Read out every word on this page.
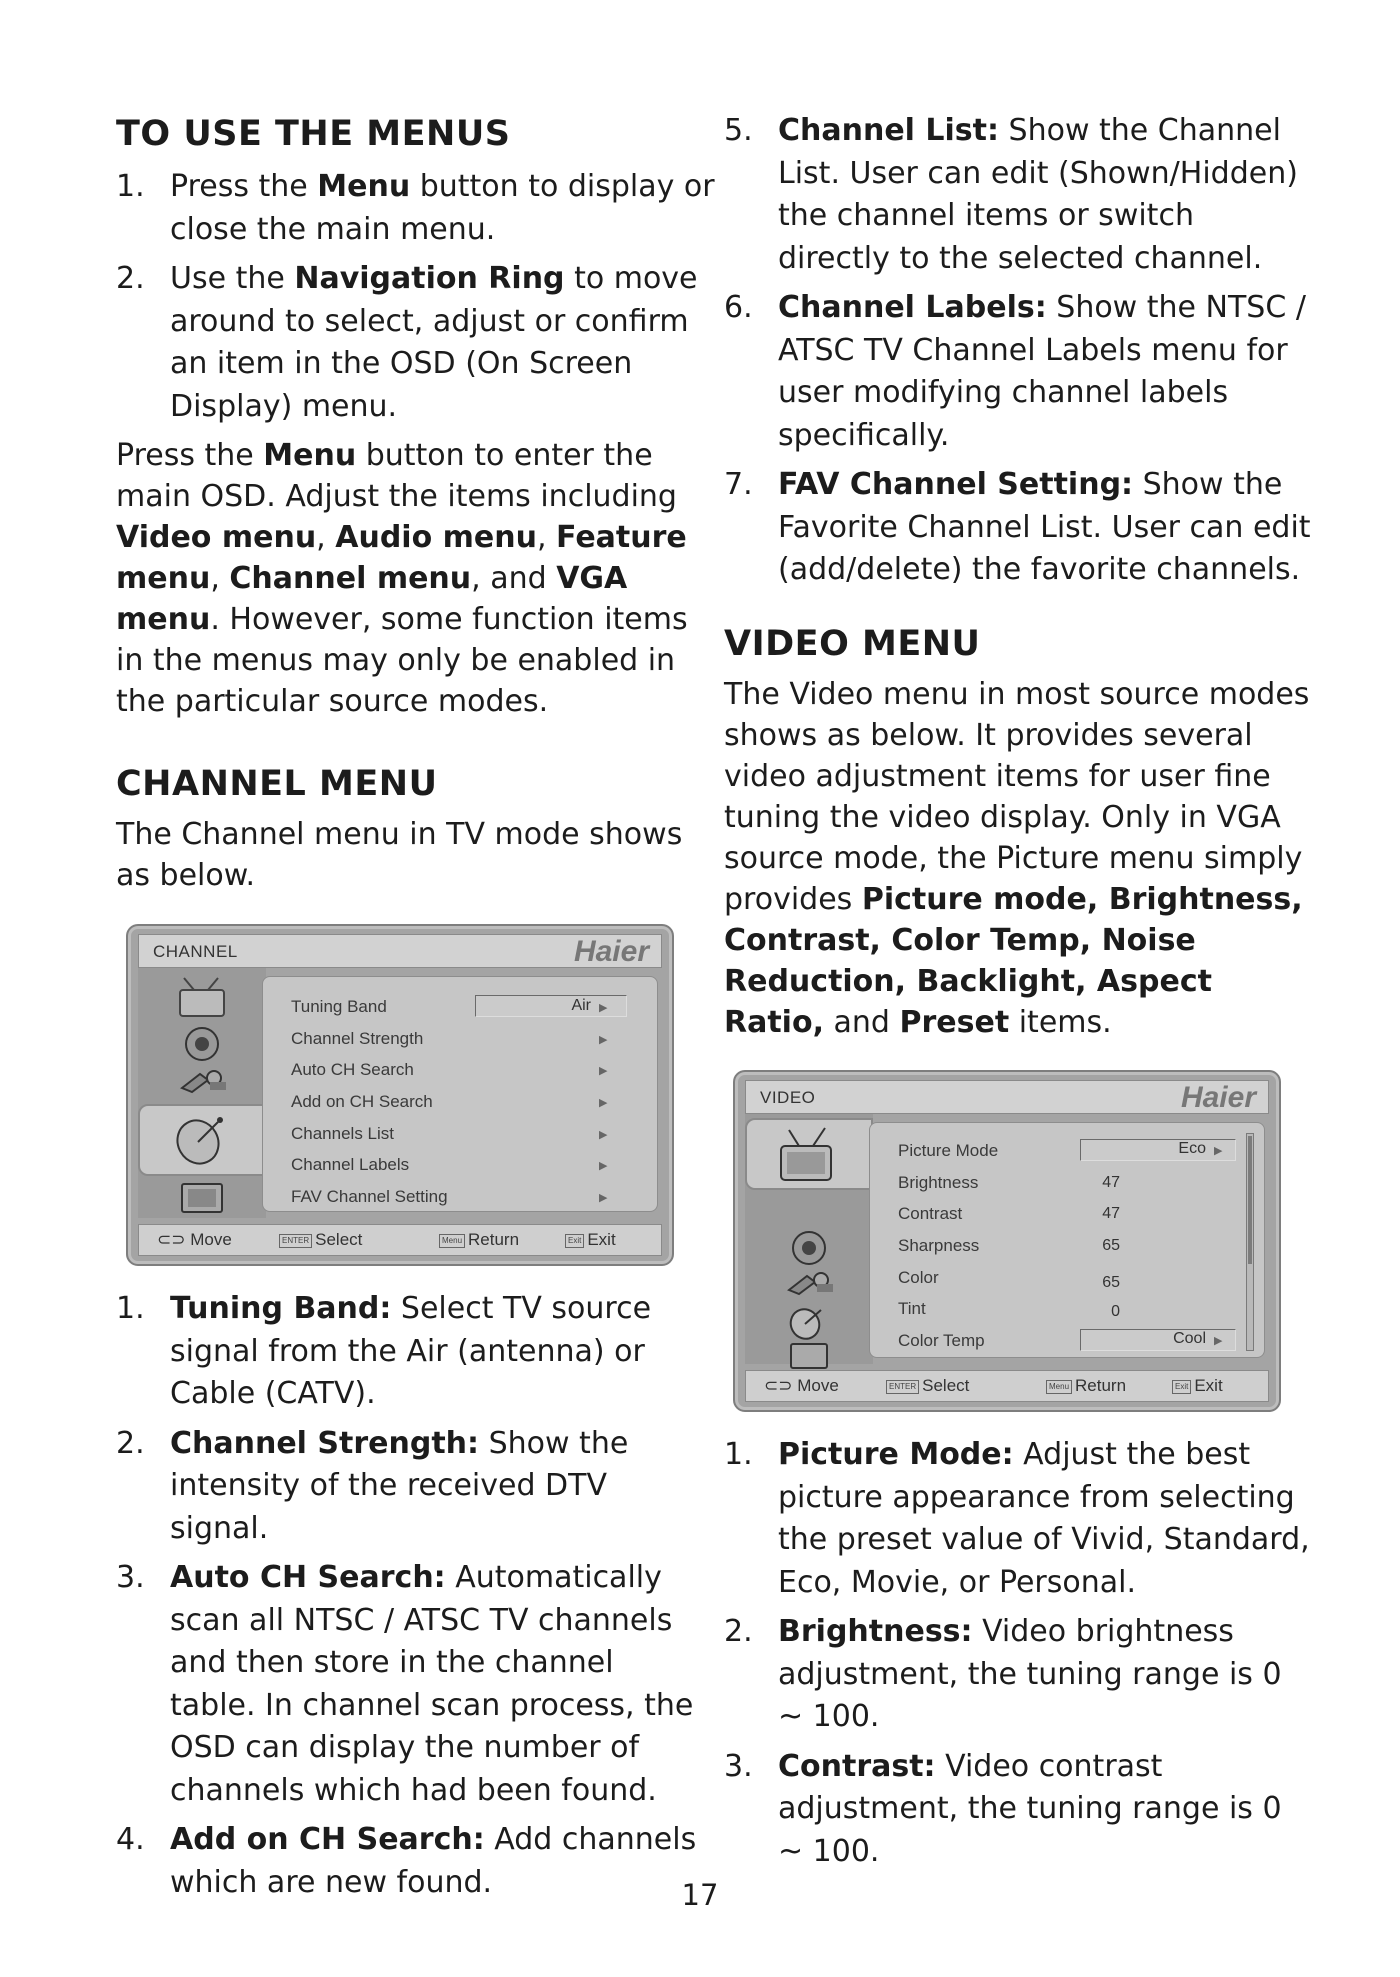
TO USE THE MENUS
1. Press the Menu button to display or close the main menu.
2. Use the Navigation Ring to move around to select, adjust or confirm an item in the OSD (On Screen Display) menu.

Press the Menu button to enter the main OSD. Adjust the items including Video menu, Audio menu, Feature menu, Channel menu, and VGA menu. However, some function items in the menus may only be enabled in the particular source modes.

CHANNEL MENU

The Channel menu in TV mode shows as below.

1. Tuning Band: Select TV source signal from the Air (antenna) or Cable (CATV).
2. Channel Strength: Show the intensity of the received DTV signal.
3. Auto CH Search: Automatically scan all NTSC / ATSC TV channels and then store in the channel table. In channel scan process, the OSD can display the number of channels which had been found.
4. Add on CH Search: Add channels which are new found.
CHANNEL	Haier
Tuning Band	Air ▶
Channel Strength	▶
Auto CH Search	▶
Add on CH Search	▶
Channels List	▶
Channel Labels	▶
FAV Channel Setting	▶
⊂⊃ Move	ENTER Select	Menu Return	Exit Exit
5. Channel List: Show the Channel List. User can edit (Shown/Hidden) the channel items or switch directly to the selected channel.
6. Channel Labels: Show the NTSC / ATSC TV Channel Labels menu for user modifying channel labels specifically.
7. FAV Channel Setting: Show the Favorite Channel List. User can edit (add/delete) the favorite channels.
VIDEO MENU

The Video menu in most source modes shows as below. It provides several video adjustment items for user fine tuning the video display. Only in VGA source mode, the Picture menu simply provides Picture mode, Brightness, Contrast, Color Temp, Noise Reduction, Backlight, Aspect Ratio, and Preset items.

VIDEO	Haier
Picture Mode	Eco ▶
Brightness	47
Contrast	47
Sharpness	65
Color	65
Tint	0
Color Temp	Cool ▶
⊂⊃ Move	ENTER Select	Menu Return	Exit Exit
1. Picture Mode: Adjust the best picture appearance from selecting the preset value of Vivid, Standard, Eco, Movie, or Personal.
2. Brightness: Video brightness adjustment, the tuning range is 0 ~ 100.
3. Contrast: Video contrast adjustment, the tuning range is 0 ~ 100.
17
